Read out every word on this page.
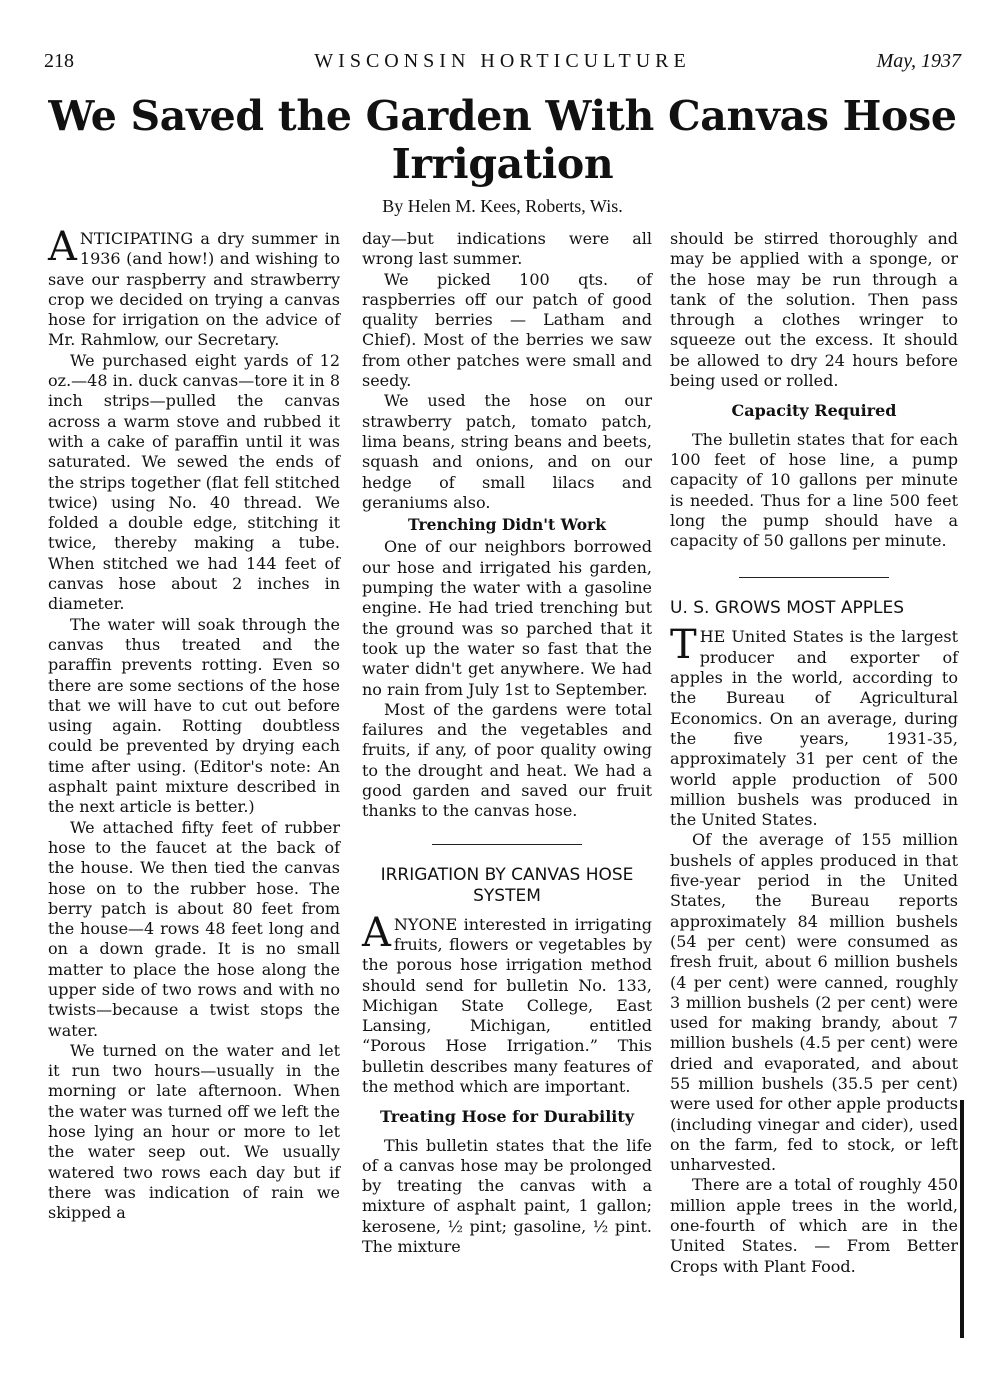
218	WISCONSIN HORTICULTURE	May, 1937
We Saved the Garden With Canvas Hose
Irrigation
By Helen M. Kees, Roberts, Wis.

ANTICIPATING a dry summer in 1936 (and how!) and wishing to save our raspberry and strawberry crop we decided on trying a canvas hose for irrigation on the advice of Mr. Rahmlow, our Secretary.

We purchased eight yards of 12 oz.—48 in. duck canvas—tore it in 8 inch strips—pulled the canvas across a warm stove and rubbed it with a cake of paraffin until it was saturated. We sewed the ends of the strips together (flat fell stitched twice) using No. 40 thread. We folded a double edge, stitching it twice, thereby making a tube. When stitched we had 144 feet of canvas hose about 2 inches in diameter.

The water will soak through the canvas thus treated and the paraffin prevents rotting. Even so there are some sections of the hose that we will have to cut out before using again. Rotting doubtless could be prevented by drying each time after using. (Editor's note: An asphalt paint mixture described in the next article is better.)

We attached fifty feet of rubber hose to the faucet at the back of the house. We then tied the canvas hose on to the rubber hose. The berry patch is about 80 feet from the house—4 rows 48 feet long and on a down grade. It is no small matter to place the hose along the upper side of two rows and with no twists—because a twist stops the water.

We turned on the water and let it run two hours—usually in the morning or late afternoon. When the water was turned off we left the hose lying an hour or more to let the water seep out. We usually watered two rows each day but if there was indication of rain we skipped a

day—but indications were all wrong last summer.

We picked 100 qts. of raspberries off our patch of good quality berries — Latham and Chief). Most of the berries we saw from other patches were small and seedy.

We used the hose on our strawberry patch, tomato patch, lima beans, string beans and beets, squash and onions, and on our hedge of small lilacs and geraniums also.

Trenching Didn't Work

One of our neighbors borrowed our hose and irrigated his garden, pumping the water with a gasoline engine. He had tried trenching but the ground was so parched that it took up the water so fast that the water didn't get anywhere. We had no rain from July 1st to September.

Most of the gardens were total failures and the vegetables and fruits, if any, of poor quality owing to the drought and heat. We had a good garden and saved our fruit thanks to the canvas hose.

IRRIGATION BY CANVAS HOSE SYSTEM

ANYONE interested in irrigating fruits, flowers or vegetables by the porous hose irrigation method should send for bulletin No. 133, Michigan State College, East Lansing, Michigan, entitled “Porous Hose Irrigation.” This bulletin describes many features of the method which are important.

Treating Hose for Durability

This bulletin states that the life of a canvas hose may be prolonged by treating the canvas with a mixture of asphalt paint, 1 gallon; kerosene, ½ pint; gasoline, ½ pint. The mixture

should be stirred thoroughly and may be applied with a sponge, or the hose may be run through a tank of the solution. Then pass through a clothes wringer to squeeze out the excess. It should be allowed to dry 24 hours before being used or rolled.

Capacity Required

The bulletin states that for each 100 feet of hose line, a pump capacity of 10 gallons per minute is needed. Thus for a line 500 feet long the pump should have a capacity of 50 gallons per minute.

U. S. GROWS MOST APPLES

THE United States is the largest producer and exporter of apples in the world, according to the Bureau of Agricultural Economics. On an average, during the five years, 1931-35, approximately 31 per cent of the world apple production of 500 million bushels was produced in the United States.

Of the average of 155 million bushels of apples produced in that five-year period in the United States, the Bureau reports approximately 84 million bushels (54 per cent) were consumed as fresh fruit, about 6 million bushels (4 per cent) were canned, roughly 3 million bushels (2 per cent) were used for making brandy, about 7 million bushels (4.5 per cent) were dried and evaporated, and about 55 million bushels (35.5 per cent) were used for other apple products (including vinegar and cider), used on the farm, fed to stock, or left unharvested.

There are a total of roughly 450 million apple trees in the world, one-fourth of which are in the United States. — From Better Crops with Plant Food.
